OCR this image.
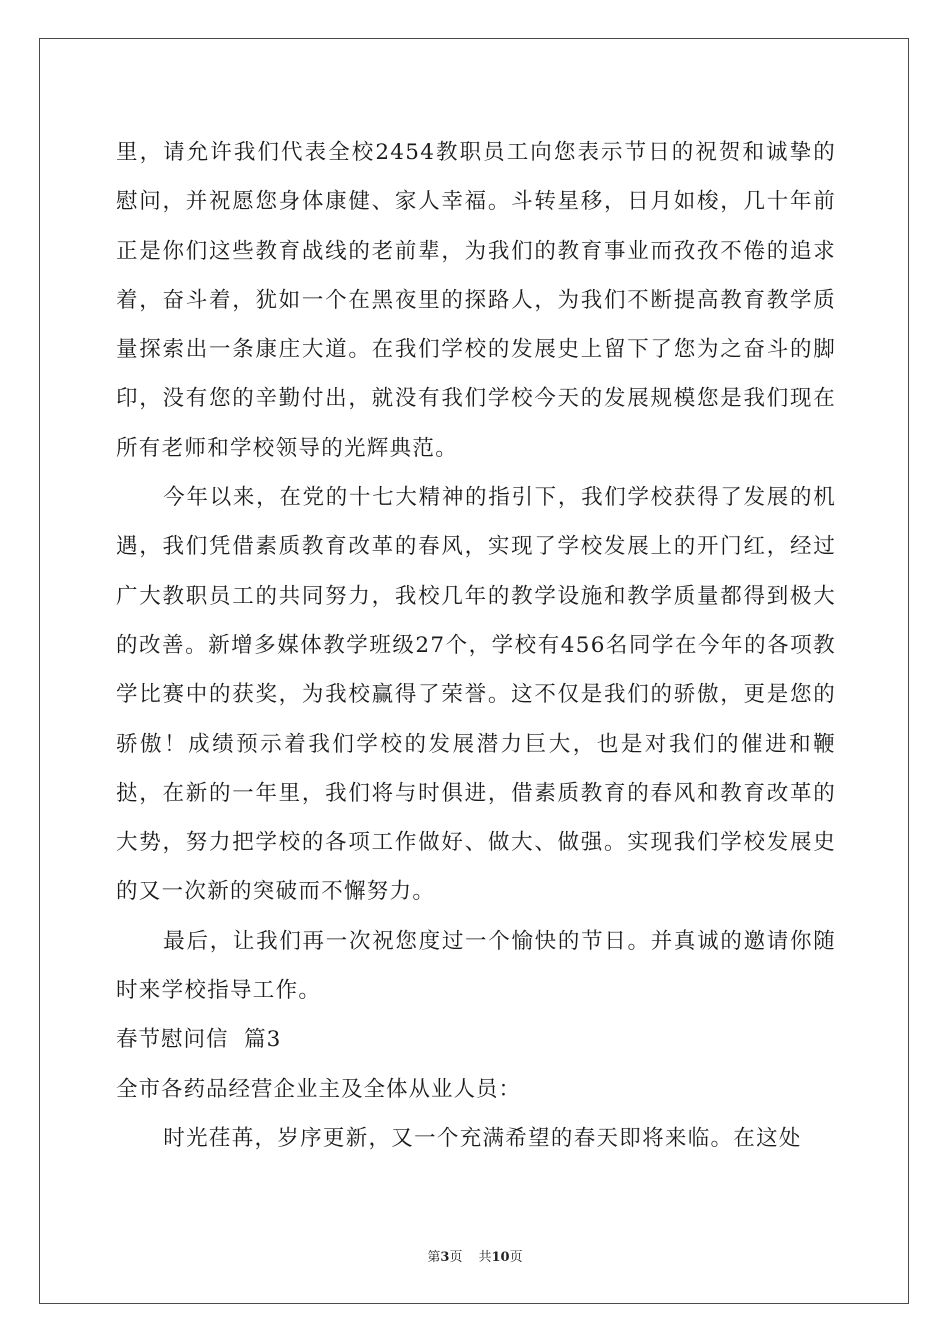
里，请允许我们代表全校2454教职员工向您表示节日的祝贺和诚挚的慰问，并祝愿您身体康健、家人幸福。斗转星移，日月如梭，几十年前正是你们这些教育战线的老前辈，为我们的教育事业而孜孜不倦的追求着，奋斗着，犹如一个在黑夜里的探路人，为我们不断提高教育教学质量探索出一条康庄大道。在我们学校的发展史上留下了您为之奋斗的脚印，没有您的辛勤付出，就没有我们学校今天的发展规模您是我们现在所有老师和学校领导的光辉典范。

今年以来，在党的十七大精神的指引下，我们学校获得了发展的机遇，我们凭借素质教育改革的春风，实现了学校发展上的开门红，经过广大教职员工的共同努力，我校几年的教学设施和教学质量都得到极大的改善。新增多媒体教学班级27个，学校有456名同学在今年的各项教学比赛中的获奖，为我校赢得了荣誉。这不仅是我们的骄傲，更是您的骄傲！成绩预示着我们学校的发展潜力巨大，也是对我们的催进和鞭挞，在新的一年里，我们将与时俱进，借素质教育的春风和教育改革的大势，努力把学校的各项工作做好、做大、做强。实现我们学校发展史的又一次新的突破而不懈努力。

最后，让我们再一次祝您度过一个愉快的节日。并真诚的邀请你随时来学校指导工作。

春节慰问信  篇3

全市各药品经营企业主及全体从业人员：

时光荏苒，岁序更新，又一个充满希望的春天即将来临。在这处

第3页 共10页
